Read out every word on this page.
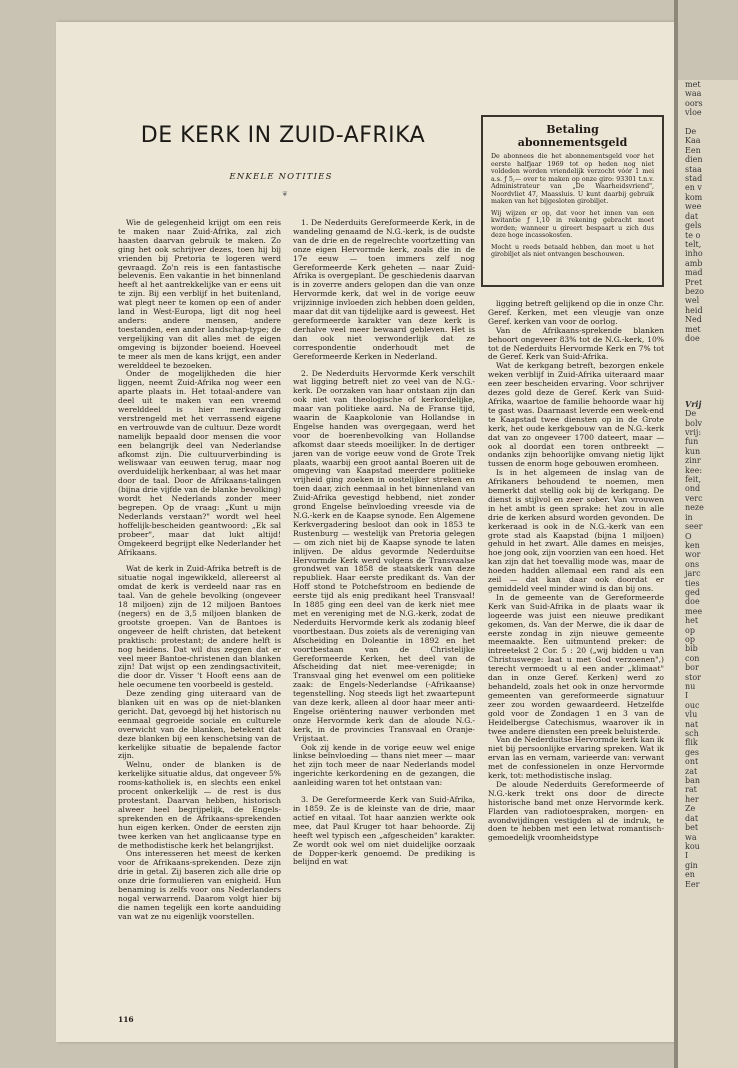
DE KERK IN ZUID-AFRIKA
ENKELE NOTITIES
❦
Betaling
abonnementsgeld

De abonnees die het abonnementsgeld voor het eerste halfjaar 1969 tot op heden nog niet voldeden worden vriendelijk verzocht vóór 1 mei a.s. ƒ 5,— over te maken op onze giro: 93301 t.n.v. Administrateur van „De Waarheidsvriend", Noordvliet 47, Maassluis. U kunt daarbij gebruik maken van het bijgesloten girobiljet.

Wij wijzen er op, dat voor het innen van een kwitantie ƒ 1,10 in rekening gebracht moet worden; wanneer u gireert bespaart u zich dus deze hoge incassokosten.

Mocht u reeds betaald hebben, dan moet u het girobiljet als niet ontvangen beschouwen.

Wie de gelegenheid krijgt om een reis te maken naar Zuid-Afrika, zal zich haasten daarvan gebruik te maken. Zo ging het ook schrijver dezes, toen hij bij vrienden bij Pretoria te logeren werd gevraagd. Zo'n reis is een fantastische belevenis. Een vakantie in het binnenland heeft al het aantrekkelijke van er eens uit te zijn. Bij een verblijf in het buitenland, wat plegt neer te komen op een of ander land in West-Europa, ligt dit nog heel anders: andere mensen, andere toestanden, een ander landschap-type; de vergelijking van dit alles met de eigen omgeving is bijzonder boeiend. Hoeveel te meer als men de kans krijgt, een ander werelddeel te bezoeken.

Onder de mogelijkheden die hier liggen, neemt Zuid-Afrika nog weer een aparte plaats in. Het totaal-andere van deel uit te maken van een vreemd werelddeel is hier merkwaardig verstrengeld met het verrassend eigene en vertrouwde van de cultuur. Deze wordt namelijk bepaald door mensen die voor een belangrijk deel van Nederlandse afkomst zijn. Die cultuurverbinding is weliswaar van eeuwen terug, maar nog overduidelijk herkenbaar, al was het maar door de taal. Door de Afrikaans-talingen (bijna drie vijfde van de blanke bevolking) wordt het Nederlands zonder meer begrepen. Op de vraag: „Kunt u mijn Nederlands verstaan?" wordt wel heel hoffelijk-bescheiden geantwoord: „Ek sal probeer", maar dat lukt altijd! Omgekeerd begrijpt elke Nederlander het Afrikaans.

Wat de kerk in Zuid-Afrika betreft is de situatie nogal ingewikkeld, allereerst al omdat de kerk is verdeeld naar ras en taal. Van de gehele bevolking (ongeveer 18 miljoen) zijn de 12 miljoen Bantoes (negers) en de 3,5 miljoen blanken de grootste groepen. Van de Bantoes is ongeveer de helft christen, dat betekent praktisch: protestant; de andere helft is nog heidens. Dat wil dus zeggen dat er veel meer Bantoe-christenen dan blanken zijn! Dat wijst op een zendingsactiviteit, die door dr. Visser 't Hooft eens aan de hele oecumene ten voorbeeld is gesteld.

Deze zending ging uiteraard van de blanken uit en was op de niet-blanken gericht. Dat, gevoegd bij het historisch nu eenmaal gegroeide sociale en culturele overwicht van de blanken, betekent dat deze blanken bij een kenschetsing van de kerkelijke situatie de bepalende factor zijn.

Welnu, onder de blanken is de kerkelijke situatie aldus, dat ongeveer 5% rooms-katholiek is, en slechts een enkel procent onkerkelijk — de rest is dus protestant. Daarvan hebben, historisch alweer heel begrijpelijk, de Engels-sprekenden en de Afrikaans-sprekenden hun eigen kerken. Onder de eersten zijn twee kerken van het anglicaanse type en de methodistische kerk het belangrijkst.

Ons interesseren het meest de kerken voor de Afrikaans-sprekenden. Deze zijn drie in getal. Zij baseren zich alle drie op onze drie formulieren van enigheid. Hun benaming is zelfs voor ons Nederlanders nogal verwarrend. Daarom volgt hier bij die namen tegelijk een korte aanduiding van wat ze nu eigenlijk voorstellen.

1. De Nederduits Gereformeerde Kerk, in de wandeling genaamd de N.G.-kerk, is de oudste van de drie en de regelrechte voortzetting van onze eigen Hervormde kerk, zoals die in de 17e eeuw — toen immers zelf nog Gereformeerde Kerk geheten — naar Zuid-Afrika is overgeplant. De geschiedenis daarvan is in zoverre anders gelopen dan die van onze Hervormde kerk, dat wel in de vorige eeuw vrijzinnige invloeden zich hebben doen gelden, maar dat dit van tijdelijke aard is geweest. Het gereformeerde karakter van deze kerk is derhalve veel meer bewaard gebleven. Het is dan ook niet verwonderlijk dat ze correspondentie onderhoudt met de Gereformeerde Kerken in Nederland.

2. De Nederduits Hervormde Kerk verschilt wat ligging betreft niet zo veel van de N.G.-kerk. De oorzaken van haar ontstaan zijn dan ook niet van theologische of kerkordelijke, maar van politieke aard. Na de Franse tijd, waarin de Kaapkolonie van Hollandse in Engelse handen was overgegaan, werd het voor de boerenbevolking van Hollandse afkomst daar steeds moeilijker. In de dertiger jaren van de vorige eeuw vond de Grote Trek plaats, waarbij een groot aantal Boeren uit de omgeving van Kaapstad meerdere politieke vrijheid ging zoeken in oostelijker streken en toen daar, zich eenmaal in het binnenland van Zuid-Afrika gevestigd hebbend, niet zonder grond Engelse beïnvloeding vreesde via de N.G.-kerk en de Kaapse synode. Een Algemene Kerkvergadering besloot dan ook in 1853 te Rustenburg — westelijk van Pretoria gelegen — om zich niet bij de Kaapse synode te laten inlijven. De aldus gevormde Nederduitse Hervormde Kerk werd volgens de Transvaalse grondwet van 1858 de staatskerk van deze republiek. Haar eerste predikant ds. Van der Hoff stond te Potchefstroom en bediende de eerste tijd als enig predikant heel Transvaal! In 1885 ging een deel van de kerk niet mee met en vereniging met de N.G.-kerk, zodat de Nederduits Hervormde kerk als zodanig bleef voortbestaan. Dus zoiets als de vereniging van Afscheiding en Doleantie in 1892 en het voortbestaan van de Christelijke Gereformeerde Kerken, het deel van de Afscheiding dat niet mee-verenigde; in Transvaal ging het evenwel om een politieke zaak: de Engels-Nederlandse (-Afrikaanse) tegenstelling. Nog steeds ligt het zwaartepunt van deze kerk, alleen al door haar meer anti-Engelse oriëntering nauwer verbonden met onze Hervormde kerk dan de aloude N.G.-kerk, in de provincies Transvaal en Oranje-Vrijstaat.

Ook zij kende in de vorige eeuw wel enige linkse beïnvloeding — thans niet meer — maar het zijn toch meer de naar Nederlands model ingerichte kerkordening en de gezangen, die aanleiding waren tot het ontstaan van:

3. De Gereformeerde Kerk van Suid-Afrika, in 1859. Ze is de kleinste van de drie, maar actief en vitaal. Tot haar aanzien werkte ook mee, dat Paul Kruger tot haar behoorde. Zij heeft wel typisch een „afgescheiden" karakter. Ze wordt ook wel om niet duidelijke oorzaak de Dopper-kerk genoemd. De prediking is belijnd en wat

ligging betreft gelijkend op die in onze Chr. Geref. Kerken, met een vleugje van onze Geref. kerken van voor de oorlog.

Van de Afrikaans-sprekende blanken behoort ongeveer 83% tot de N.G.-kerk, 10% tot de Nederduits Hervormde Kerk en 7% tot de Geref. Kerk van Suid-Afrika.

Wat de kerkgang betreft, bezorgen enkele weken verblijf in Zuid-Afrika uiteraard maar een zeer bescheiden ervaring. Voor schrijver dezes gold deze de Geref. Kerk van Suid-Afrika, waartoe de familie behoorde waar hij te gast was. Daarnaast leverde een week-end te Kaapstad twee diensten op in de Grote kerk, het oude kerkgebouw van de N.G.-kerk dat van zo ongeveer 1700 dateert, maar — ook al doordat een toren ontbreekt — ondanks zijn behoorlijke omvang nietig lijkt tussen de enorm hoge gebouwen eromheen.

Is in het algemeen de inslag van de Afrikaners behoudend te noemen, men bemerkt dat stellig ook bij de kerkgang. De dienst is stijlvol en zeer sober. Van vrouwen in het ambt is geen sprake: het zou in alle drie de kerken absurd worden gevonden. De kerkeraad is ook in de N.G.-kerk van een grote stad als Kaapstad (bijna 1 miljoen) gehuld in het zwart. Alle dames en meisjes, hoe jong ook, zijn voorzien van een hoed. Het kan zijn dat het toevallig mode was, maar de hoeden hadden allemaal een rand als een zeil — dat kan daar ook doordat er gemiddeld veel minder wind is dan bij ons.

In de gemeente van de Gereformeerde Kerk van Suid-Afrika in de plaats waar ik logeerde was juist een nieuwe predikant gekomen, ds. Van der Merwe, die ik daar de eerste zondag in zijn nieuwe gemeente meemaakte. Een uitmuntend preker: de intreetekst 2 Cor. 5 : 20 („wij bidden u van Christuswege: laat u met God verzoenen",) terecht vermoedt u al een ander „klimaat" dan in onze Geref. Kerken) werd zo behandeld, zoals het ook in onze hervormde gemeenten van gereformeerde signatuur zeer zou worden gewaardeerd. Hetzelfde gold voor de Zondagen 1 en 3 van de Heidelbergse Catechismus, waarover ik in twee andere diensten een preek beluisterde.

Van de Nederduitse Hervormde kerk kan ik niet bij persoonlijke ervaring spreken. Wat ik ervan las en vernam, varieerde van: verwant met de confessionelen in onze Hervormde kerk, tot: methodistische inslag.

De aloude Nederduits Gereformeerde of N.G.-kerk trekt ons door de directe historische band met onze Hervormde kerk. Flarden van radiotoespraken, morgen- en avondwijdingen vestigden al de indruk, te doen te hebben met een letwat romantisch-gemoedelijk vroomheidstype

116
met
waa
oors
vloe

De
Kaa
Een
dien
staa
stad
en v
kom
wee
dat
gels
te o
telt,
inho
amb
mad
Pret
bezo
wel
heid
Ned
met
doe

Vrij
De
bolv
vrij:
fun
kun
zinr
kee:
feit,
ond
verc
neze
in
seer
O
ken
wor
ons
jarc
ties
ged
doe
mee
het
op
op
bib
con
bor
stor
nu
I
ouc
vlu
nat
sch
flik
ges
ont
zat
ban
rat
her
Ze
dat
bet
wa
kou
I
gin
en
Eer
